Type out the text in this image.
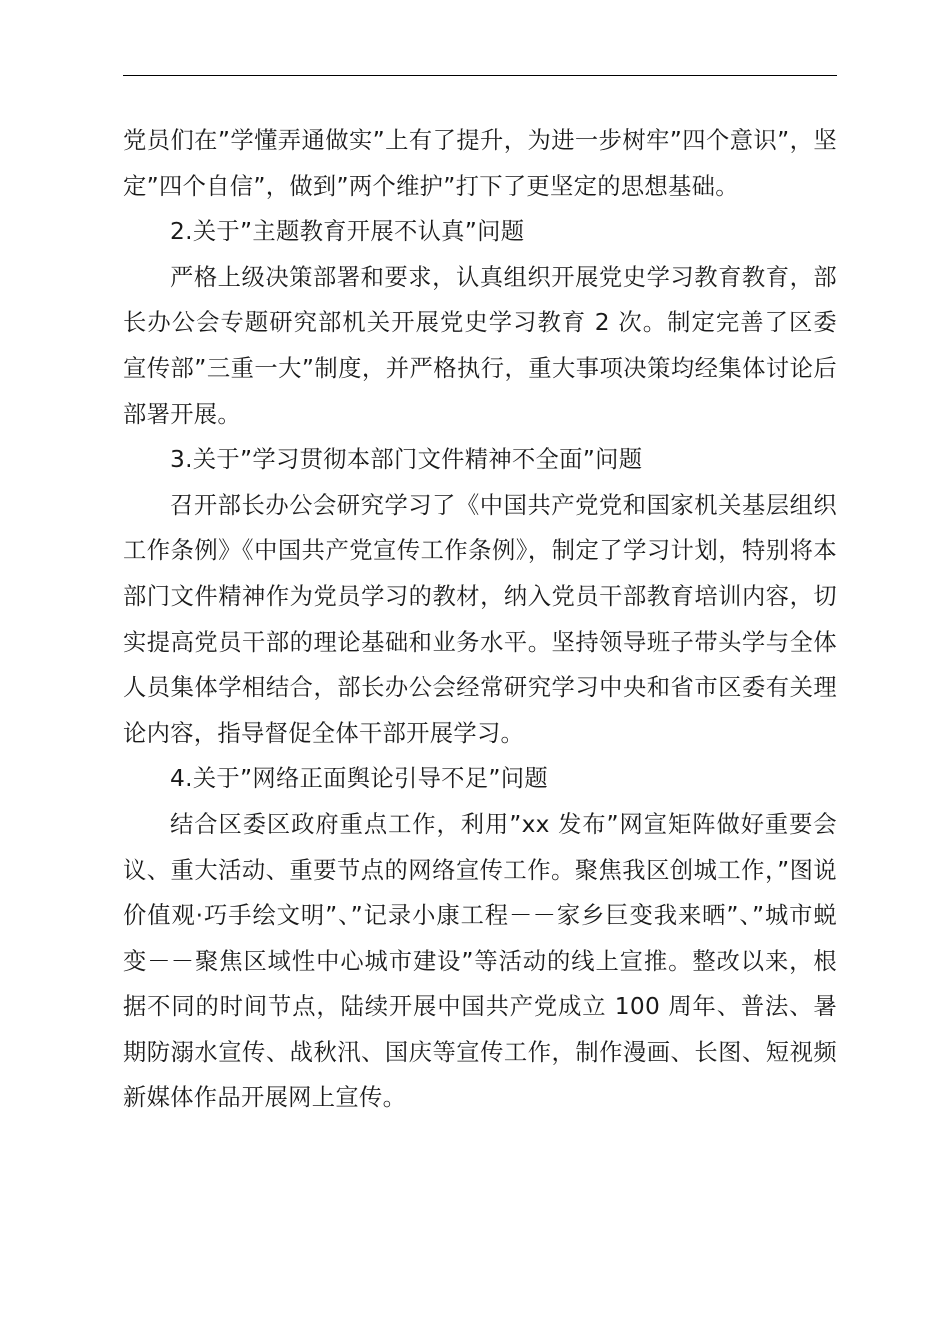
党员们在”学懂弄通做实”上有了提升，为进一步树牢”四个意识”，坚定”四个自信”，做到”两个维护”打下了更坚定的思想基础。

2.关于”主题教育开展不认真”问题

严格上级决策部署和要求，认真组织开展党史学习教育教育，部长办公会专题研究部机关开展党史学习教育 2 次。制定完善了区委宣传部”三重一大”制度，并严格执行，重大事项决策均经集体讨论后部署开展。

3.关于”学习贯彻本部门文件精神不全面”问题

召开部长办公会研究学习了《中国共产党党和国家机关基层组织工作条例》《中国共产党宣传工作条例》，制定了学习计划，特别将本部门文件精神作为党员学习的教材，纳入党员干部教育培训内容，切实提高党员干部的理论基础和业务水平。坚持领导班子带头学与全体人员集体学相结合，部长办公会经常研究学习中央和省市区委有关理论内容，指导督促全体干部开展学习。

4.关于”网络正面舆论引导不足”问题

结合区委区政府重点工作，利用”xx 发布”网宣矩阵做好重要会议、重大活动、重要节点的网络宣传工作。聚焦我区创城工作，”图说价值观·巧手绘文明”、”记录小康工程－－家乡巨变我来晒”、”城市蜕变－－聚焦区域性中心城市建设”等活动的线上宣推。整改以来，根据不同的时间节点，陆续开展中国共产党成立 100 周年、普法、暑期防溺水宣传、战秋汛、国庆等宣传工作，制作漫画、长图、短视频新媒体作品开展网上宣传。
